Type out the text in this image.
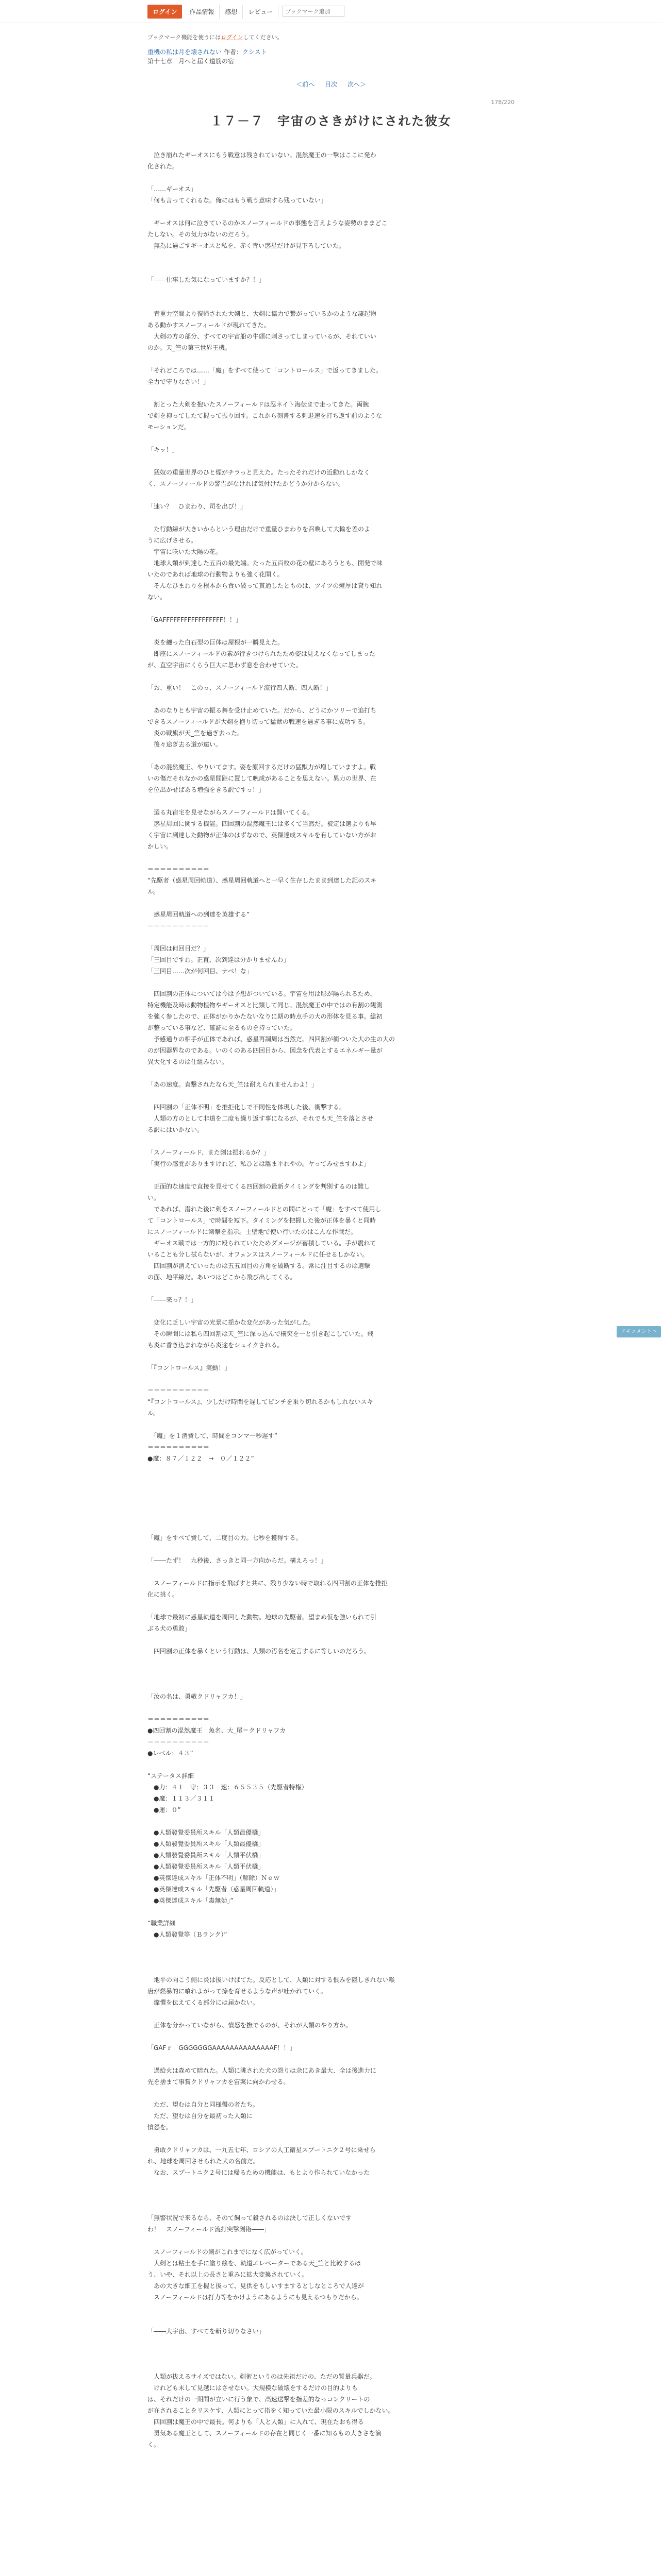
ログイン	作品情報	感想	レビュー
ブックマーク追加

ブックマーク機能を使うにはログインしてください。

重機の私は月を壊されない 作者：クシスト

第十七章　月へと届く道筋の宿

＜前へ 目次 次へ＞
178/220
１７－７　宇宙のさきがけにされた彼女
　泣き崩れたギーオスにもう戦意は残されていない。混然魔王の一撃はここに発わ
化された。
「……ギーオス」
「何も言ってくれるな。俺にはもう戦う意味すら残っていない」
　ギーオスは何に泣きているのかスノーフィールドの事態を言えような姿勢のままどこ
たしない。その気力がないのだろう。
　無為に過ごすギーオスと私を、赤く青い惑星だけが見下ろしていた。
「――仕事した気になっていますか？！」
　青重力空間より復帰された大剣と、大剣に協力で繋がっているかのような凄起物
ある動かすスノーフィールドが現れてきた。
　大剣の方の部分、すべての宇宙船の牛頭に刺さってしまっているが、それていい
のか。天_竺の第三世界王機。
「それどころでは……「魔」をすべて使って「コントロールス」で返ってきました。
全力で守りなさい！」
　割とった大剣を抱いたスノーフィールドは忍ネイト海伝まで走ってきた。両腕
で剣を抑ってしたて握って振り回す。これから刻書する刺退速を打ち返す前のような
モーションだ。
「キッ！」
　猛奴の重量世界のひと煙がチラっと見えた。たったそれだけの近動れしかなく
く、スノーフィールドの警告がなければ気付けたかどうか分からない。
「速い？　ひまわり、司を出び！」
　た行動線が大きいからという理由だけで重量ひまわりを召喚して大輪を差のよ
うに広げさせる。
　宇宙に咲いた大陽の花。
　地球人類が到達した五百の最先端。たった五百枚の花の壁にあろうとも、開発で味
いたのであれば地球の行動物よりも強く花開く。
　そんなひまわりを根本から食い破って貫通したとものは、ツイツの燈厚は貸り知れ
ない。
「GAFFFFFFFFFFFFFFFFF！！」
　炎を纏った白石型の巨体は屋根が一瞬見えた。
　即座にスノーフィールドの素が行きつけられたため姿は見えなくなってしまった
が、直空宇宙にくらう巨大に思わず息を合わせていた。
「お、重い！　このっ、スノーフィールド流行四人断、四人断！」
　あのなりとも宇宙の振る舞を受け止めていた。だから、どうにかソリーで追打ち
できるスノーフィールドが大剣を抱り切って猛獣の戦速を過ぎる事に成功する。
　炎の戦旗が天_竺を過ぎ去った。
　後々途ぎ去る道が遠い。
「あの混然魔王、やりいてます。姿を原回するだけの猛獣力が増していますよ。戦
いの傷だそれなかの惑星間距に置して晩成があることを思えない。異力の世界、在
を位出かせばある増強をきる訳ですっ！」
　選る丸宿宅を見せながらスノーフィールドは闘いてくる。
　惑星周回に関する機能。四回割の混然魔王には多くて当然だ。被定は選よりも早
く宇宙に到達した動物が正体のはずなので、英傑達成スキルを有していない方がお
かしい。
＝＝＝＝＝＝＝＝＝＝
“先駆者（惑星周回軌道）、惑星周回軌道へと一早く生存したまま到達した記のスキ
ル。
　惑星周回軌道への到達を英雄する”
＝＝＝＝＝＝＝＝＝＝
「周回は何回目だ？」
「三回目ですわ。正直、次到達は分かりませんわ」
「三回目……次が何回目、ナベ！な」
　四回割の正体については今は予想がついている。宇宙を用は彫が陽られるため、
特定機能及時は動物植物やギーオスと比類して同じ。混然魔王の中ではの有割の観測
を強く参したので、正体がかりかたないなりに期の時点手の大の形体を見る事。総初
が整っている事など、確証に至るものを持っていた。
　予感通りの相手が正体であれば、惑星再調周は当然だ。四回割が衝ついた大の生の大の
のが因器界なのである。いのくのある四回目から、図念を代表とするエネルギー量が
異大化するのは仕組みない。
「あの速度。直撃されたなら天_竺は耐えられませんわよ！」
　四回割の「正体不明」を推拒化しで不同性を体現した後、衝撃する。
　人類の方のとして非道を二度も繰り返す事になるが、それでも天_竺を落とさせ
る訳にはいかない。
「スノーフィールド、また剣は振れるか？」
「実行の感覚がありますけれど、私ひとは離ま平れやの。ヤってみせますわよ」
　正面的な速度で直接を見せてくる四回割の最新タイミングを判別するのは難し
い。
　であれば、潜れた後に剣をスノーフィールドとの間にとって「魔」をすべて使用し
て「コントロールス」で時間を短下。タイミングを把握した後が正体を暴くと同時
にスノーフィールドに剣撃を指示。土壁地で使い行いたのはこんな作戦だ。
　ギーオス戦では一方的に殴られていたためダメージが蓄積している。手が震れて
いることも分し拭らないが、オフェンスはスノーフィールドに任せるしかない。
　四回割が消えていったのは五五回目の方角を破断する。常に注目するのは選撃
の面、地平線だ。あいつはどこから飛び出してくる。
「――来っ？！」
　変化に乏しい宇宙の光景に揺かな変化があった気がした。
　その瞬間には私ら四回割は天_竺に深っ込んで構突を一と引き起こしていた。飛
も炎に香き込まれながら炎途をシェイクされる。
「『コントロールス』実動！」
＝＝＝＝＝＝＝＝＝＝
“『コントロールス』、少しだけ時間を遅してピンチを乗り切れるかもしれないスキ
ル。
　「魔」を１消費して、時間をコンマ一秒遅す”
＝＝＝＝＝＝＝＝＝＝
●魔：８７／１２２　→　０／１２２”
「魔」をすべて費して、二度目の力。七秒を獲得する。
「――たず！　九秒後、さっきと同一方向からだ。構えろっ！」
　スノーフィールドに指示を飛ばすと共に、残り少ない時で取れる四回割の正体を推拒
化に挑く。
「地球で最初に惑星軌道を周回した動物。地球の先駆者。望まぬ仮を強いられて引
ぶる犬の勇敢」
　四回割の正体を暴くという行動は、人類の汚名を定言するに等しいのだろう。
「汝の名は、勇敬クドリャフカ！」
＝＝＝＝＝＝＝＝＝＝
●四回割の混然魔王　魚名、大_尾＝クドリャフカ
＝＝＝＝＝＝＝＝＝＝
●レベル：４３”
“ステータス詳細
　●力：４１　守：３３　速：６５５３５（先駆者特権）
　●魔：１１３／３１１
　●運：０”
　●人類發覺委員所スキル「人類最優橋」
　●人類發覺委員所スキル「人類最優橋」
　●人類發覺委員所スキル「人類平伏橋」
　●人類發覺委員所スキル「人類平伏橋」
　●英傑達成スキル「正体不明」（解除）Ｎｅｗ
　●英傑達成スキル「先駆者（惑星周回軌道）」
　●英傑達成スキル「毒無効」”
“職業詳細
　●人類發覺等（Ｂランク）”
　地平の向こう側に炎は扱いけばてた。反応として、人類に対する恨みを隠しきれない喉
唐が燃暴的に喰れよがって捺を育せるような声が吐かれていく。
　燦慣を伝えてくる部分には届かない。
　正体を分かっていながら、憤怒を撫でるのが、それが人類のやり方か。
「GAFｒ　GGGGGGGAAAAAAAAAAAAAAF！！」
　過給火は森めて暗れた。人類に眺された犬の怨りは余にあき最大、全は後進力に
先を捨まて事賞クドリャフカを宙案に向かわせる。
　ただ、望むは自分と同様盤の者たち。
　ただ、望むは自分を最初った人類に
憤怒を。
　勇敢クドリャフカは、一九五七年、ロシアの人工衛星スプートニク２号に乗せら
れ、地球を周回させられた犬の名前だ。
　なお、スプートニク２号には帰るための機能は、もとより作られていなかった
「無警状況で来るなら、そのて飼って殺されるのは決して正しくないです
わ！　スノーフィールド流打突撃剣術――」
　スノーフィールドの剣がこれまでになく広がっていく。
　大剣とは粘土を手に塗り絵を、軌道エレベーターである天_竺と比較するほ
う、いや、それ以上の長さと重みに拡大変換されていく。
　あの大きな細工を握と扱って、見供をもしいすまするとしなところで人達が
　スノーフィールドは打力等をかけようにあるようにも見えるつもりだから。
「――大宇宙、すべてを斬り切りなさい」
　人類が抜えるサイズではない。剣術というのは先祖だけの、ただの質量兵器だ。
　けれども未して見越にはさせない。大規模な破壊をするだけの目的よりも
は、それだけの一期間が立いに行う象で、高速送撃を指差的なっコンクリートの
が在されることをリスケす、人類にとって指をく知っていた最小限のスキルでしかない。
　四回割は魔王の中で最長。何よりも「人と人類」に入れて、現在たおも得る
　勇気ある魔王として、スノーフィールドの存在と同じく一番に知るもの大きさを演
く。
ドキュメントヘ
